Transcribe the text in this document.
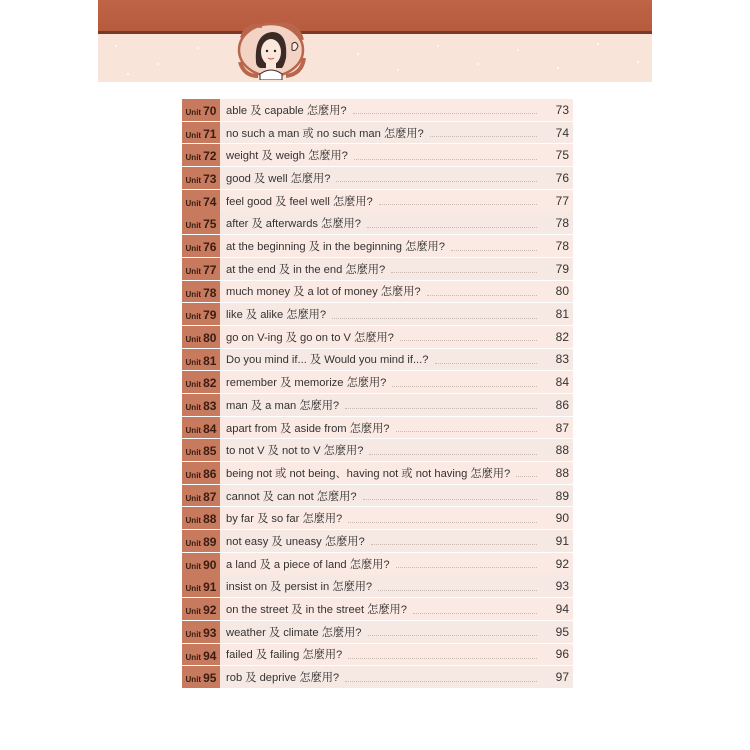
Unit 70 able 及 capable 怎麼用?	73
Unit 71 no such a man 或 no such man 怎麼用?	74
Unit 72 weight 及 weigh 怎麼用?	75
Unit 73 good 及 well 怎麼用?	76
Unit 74 feel good 及 feel well 怎麼用?	77
Unit 75 after 及 afterwards 怎麼用?	78
Unit 76 at the beginning 及 in the beginning 怎麼用?	78
Unit 77 at the end 及 in the end 怎麼用?	79
Unit 78 much money 及 a lot of money 怎麼用?	80
Unit 79 like 及 alike 怎麼用?	81
Unit 80 go on V-ing 及 go on to V 怎麼用?	82
Unit 81 Do you mind if... 及 Would you mind if...?	83
Unit 82 remember 及 memorize 怎麼用?	84
Unit 83 man 及 a man 怎麼用?	86
Unit 84 apart from 及 aside from 怎麼用?	87
Unit 85 to not V 及 not to V 怎麼用?	88
Unit 86 being not 或 not being、having not 或 not having 怎麼用?	88
Unit 87 cannot 及 can not 怎麼用?	89
Unit 88 by far 及 so far 怎麼用?	90
Unit 89 not easy 及 uneasy 怎麼用?	91
Unit 90 a land 及 a piece of land 怎麼用?	92
Unit 91 insist on 及 persist in 怎麼用?	93
Unit 92 on the street 及 in the street 怎麼用?	94
Unit 93 weather 及 climate 怎麼用?	95
Unit 94 failed 及 failing 怎麼用?	96
Unit 95 rob 及 deprive 怎麼用?	97
